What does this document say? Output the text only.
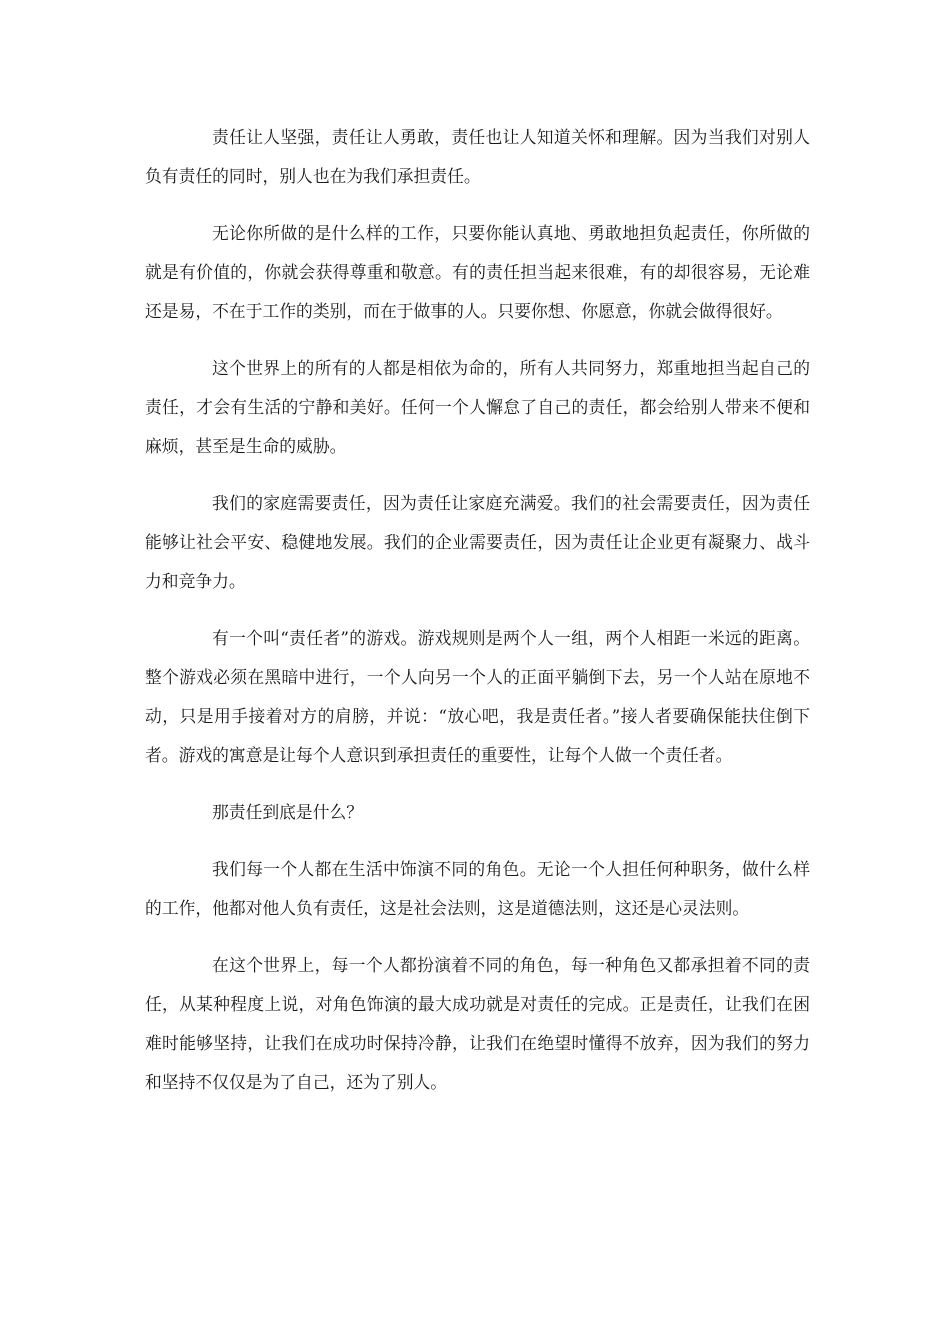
责任让人坚强，责任让人勇敢，责任也让人知道关怀和理解。因为当我们对别人负有责任的同时，别人也在为我们承担责任。

无论你所做的是什么样的工作，只要你能认真地、勇敢地担负起责任，你所做的就是有价值的，你就会获得尊重和敬意。有的责任担当起来很难，有的却很容易，无论难还是易，不在于工作的类别，而在于做事的人。只要你想、你愿意，你就会做得很好。

这个世界上的所有的人都是相依为命的，所有人共同努力，郑重地担当起自己的责任，才会有生活的宁静和美好。任何一个人懈怠了自己的责任，都会给别人带来不便和麻烦，甚至是生命的威胁。

我们的家庭需要责任，因为责任让家庭充满爱。我们的社会需要责任，因为责任能够让社会平安、稳健地发展。我们的企业需要责任，因为责任让企业更有凝聚力、战斗力和竞争力。

有一个叫“责任者”的游戏。游戏规则是两个人一组，两个人相距一米远的距离。整个游戏必须在黑暗中进行，一个人向另一个人的正面平躺倒下去，另一个人站在原地不动，只是用手接着对方的肩膀，并说：“放心吧，我是责任者。”接人者要确保能扶住倒下者。游戏的寓意是让每个人意识到承担责任的重要性，让每个人做一个责任者。

那责任到底是什么？

我们每一个人都在生活中饰演不同的角色。无论一个人担任何种职务，做什么样的工作，他都对他人负有责任，这是社会法则，这是道德法则，这还是心灵法则。

在这个世界上，每一个人都扮演着不同的角色，每一种角色又都承担着不同的责任，从某种程度上说，对角色饰演的最大成功就是对责任的完成。正是责任，让我们在困难时能够坚持，让我们在成功时保持冷静，让我们在绝望时懂得不放弃，因为我们的努力和坚持不仅仅是为了自己，还为了别人。
